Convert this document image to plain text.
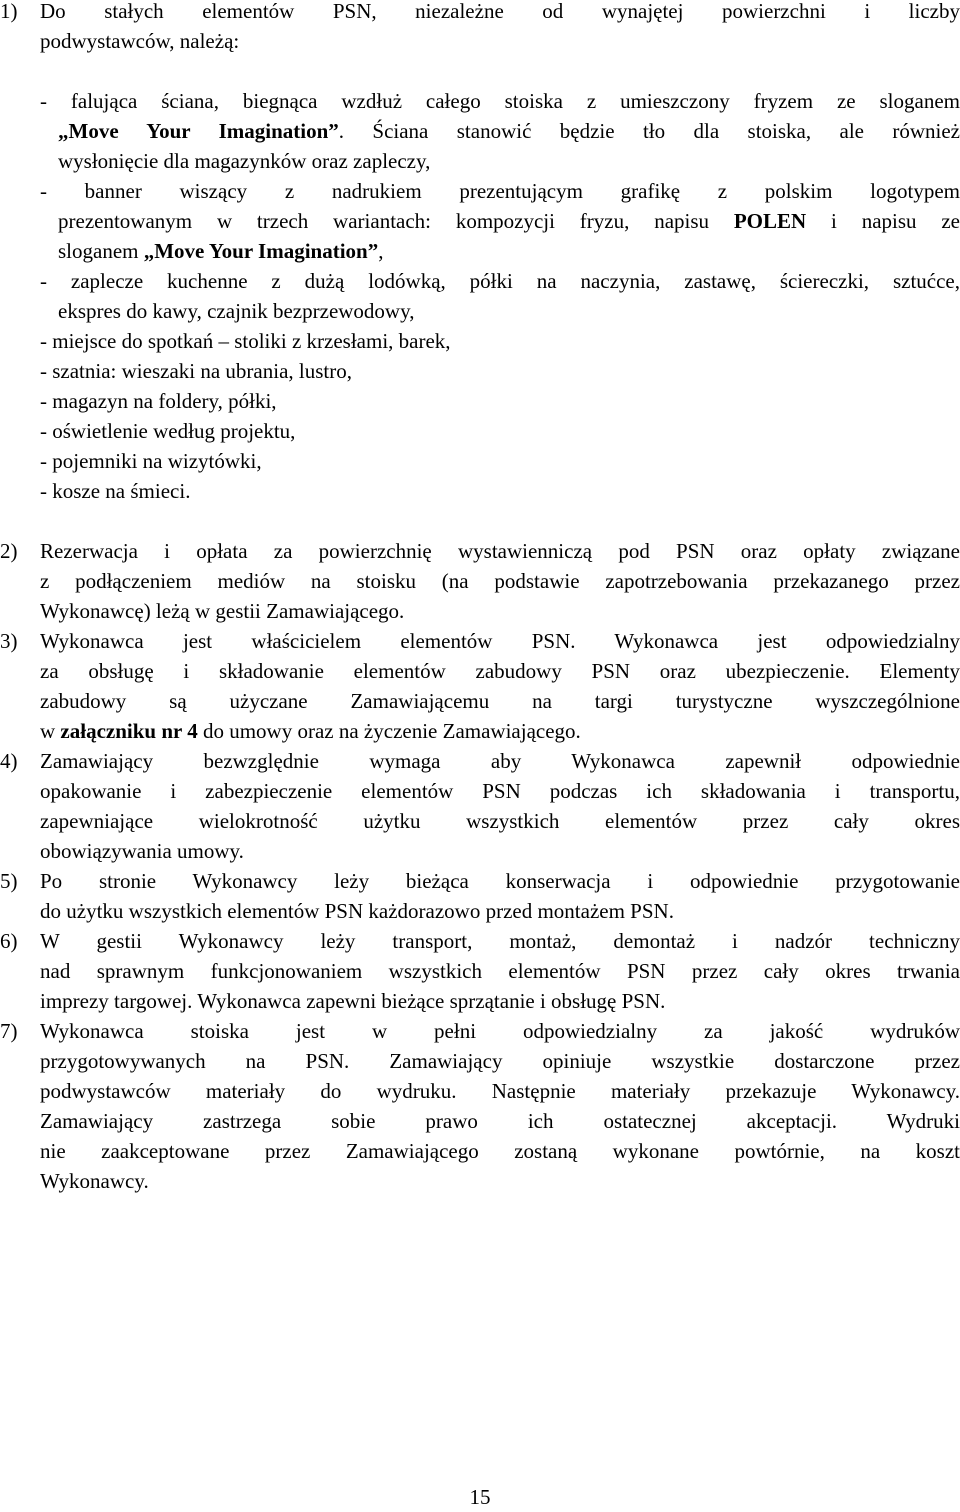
1) Do stałych elementów PSN, niezależne od wynajętej powierzchni i liczby
podwystawców, należą:
- falująca ściana, biegnąca wzdłuż całego stoiska z umieszczony fryzem ze sloganem
„Move Your Imagination”. Ściana stanowić będzie tło dla stoiska, ale również
wysłonięcie dla magazynków oraz zapleczy,
- banner wiszący z nadrukiem prezentującym grafikę z polskim logotypem
prezentowanym w trzech wariantach: kompozycji fryzu, napisu POLEN i napisu ze
sloganem „Move Your Imagination”,
- zaplecze kuchenne z dużą lodówką, półki na naczynia, zastawę, ściereczki, sztućce,
ekspres do kawy, czajnik bezprzewodowy,
- miejsce do spotkań – stoliki z krzesłami, barek,
- szatnia: wieszaki na ubrania, lustro,
- magazyn na foldery, półki,
- oświetlenie według projektu,
- pojemniki na wizytówki,
- kosze na śmieci.
2) Rezerwacja i opłata za powierzchnię wystawienniczą pod PSN oraz opłaty związane
z podłączeniem mediów na stoisku (na podstawie zapotrzebowania przekazanego przez
Wykonawcę) leżą w gestii Zamawiającego.
3) Wykonawca jest właścicielem elementów PSN. Wykonawca jest odpowiedzialny
za obsługę i składowanie elementów zabudowy PSN oraz ubezpieczenie. Elementy
zabudowy są użyczane Zamawiającemu na targi turystyczne wyszczególnione
w załączniku nr 4 do umowy oraz na życzenie Zamawiającego.
4) Zamawiający bezwzględnie wymaga aby Wykonawca zapewnił odpowiednie
opakowanie i zabezpieczenie elementów PSN podczas ich składowania i transportu,
zapewniające wielokrotność użytku wszystkich elementów przez cały okres
obowiązywania umowy.
5) Po stronie Wykonawcy leży bieżąca konserwacja i odpowiednie przygotowanie
do użytku wszystkich elementów PSN każdorazowo przed montażem PSN.
6) W gestii Wykonawcy leży transport, montaż, demontaż i nadzór techniczny
nad sprawnym funkcjonowaniem wszystkich elementów PSN przez cały okres trwania
imprezy targowej. Wykonawca zapewni bieżące sprzątanie i obsługę PSN.
7) Wykonawca stoiska jest w pełni odpowiedzialny za jakość wydruków
przygotowywanych na PSN. Zamawiający opiniuje wszystkie dostarczone przez
podwystawców materiały do wydruku. Następnie materiały przekazuje Wykonawcy.
Zamawiający zastrzega sobie prawo ich ostatecznej akceptacji. Wydruki
nie zaakceptowane przez Zamawiającego zostaną wykonane powtórnie, na koszt
Wykonawcy.
15
